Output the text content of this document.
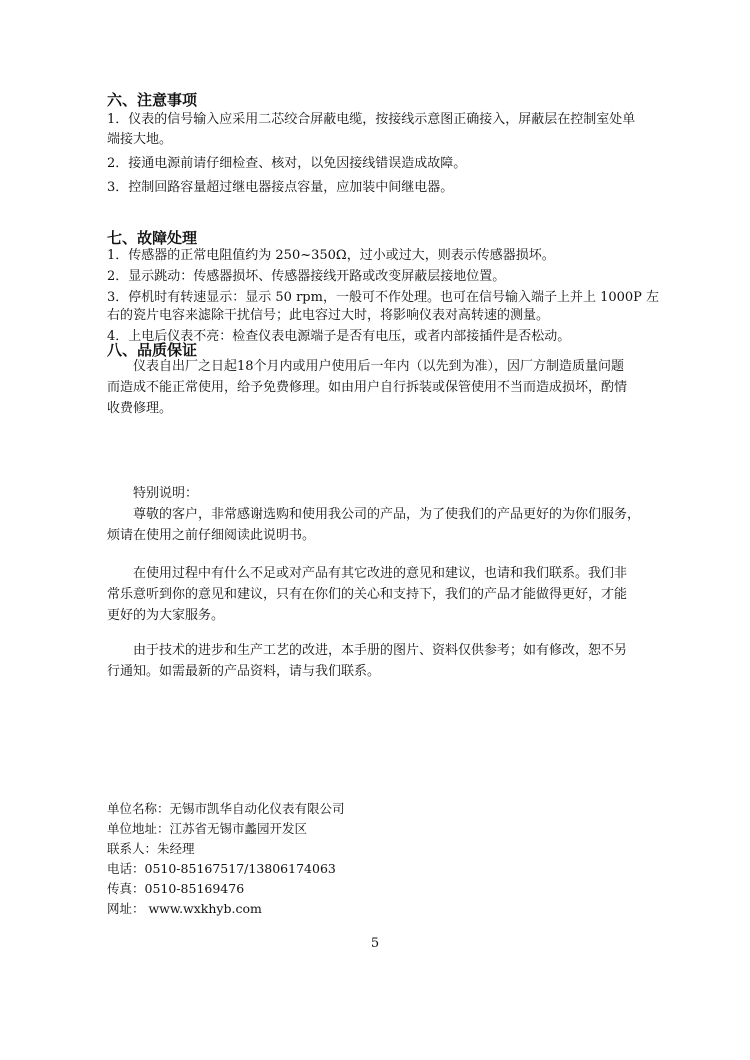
六、注意事项
1．仪表的信号输入应采用二芯绞合屏蔽电缆，按接线示意图正确接入，屏蔽层在控制室处单
端接大地。
2．接通电源前请仔细检查、核对，以免因接线错误造成故障。
3．控制回路容量超过继电器接点容量，应加装中间继电器。
七、故障处理
1．传感器的正常电阻值约为 250~350Ω，过小或过大，则表示传感器损坏。
2．显示跳动：传感器损坏、传感器接线开路或改变屏蔽层接地位置。
3．停机时有转速显示：显示 50 rpm，一般可不作处理。也可在信号输入端子上并上 1000P 左
右的瓷片电容来滤除干扰信号；此电容过大时，将影响仪表对高转速的测量。
4．上电后仪表不亮：检查仪表电源端子是否有电压，或者内部接插件是否松动。
八、品质保证
仪表自出厂之日起18个月内或用户使用后一年内（以先到为准），因厂方制造质量问题
而造成不能正常使用，给予免费修理。如由用户自行拆装或保管使用不当而造成损坏，酌情
收费修理。
特别说明：
尊敬的客户，非常感谢选购和使用我公司的产品，为了使我们的产品更好的为你们服务，
烦请在使用之前仔细阅读此说明书。
在使用过程中有什么不足或对产品有其它改进的意见和建议，也请和我们联系。我们非
常乐意听到你的意见和建议，只有在你们的关心和支持下，我们的产品才能做得更好，才能
更好的为大家服务。
由于技术的进步和生产工艺的改进，本手册的图片、资料仅供参考；如有修改，恕不另
行通知。如需最新的产品资料，请与我们联系。
单位名称：无锡市凯华自动化仪表有限公司
单位地址：江苏省无锡市蠡园开发区
联系人：朱经理
电话：0510-85167517/13806174063
传真：0510-85169476
网址： www.wxkhyb.com
5
